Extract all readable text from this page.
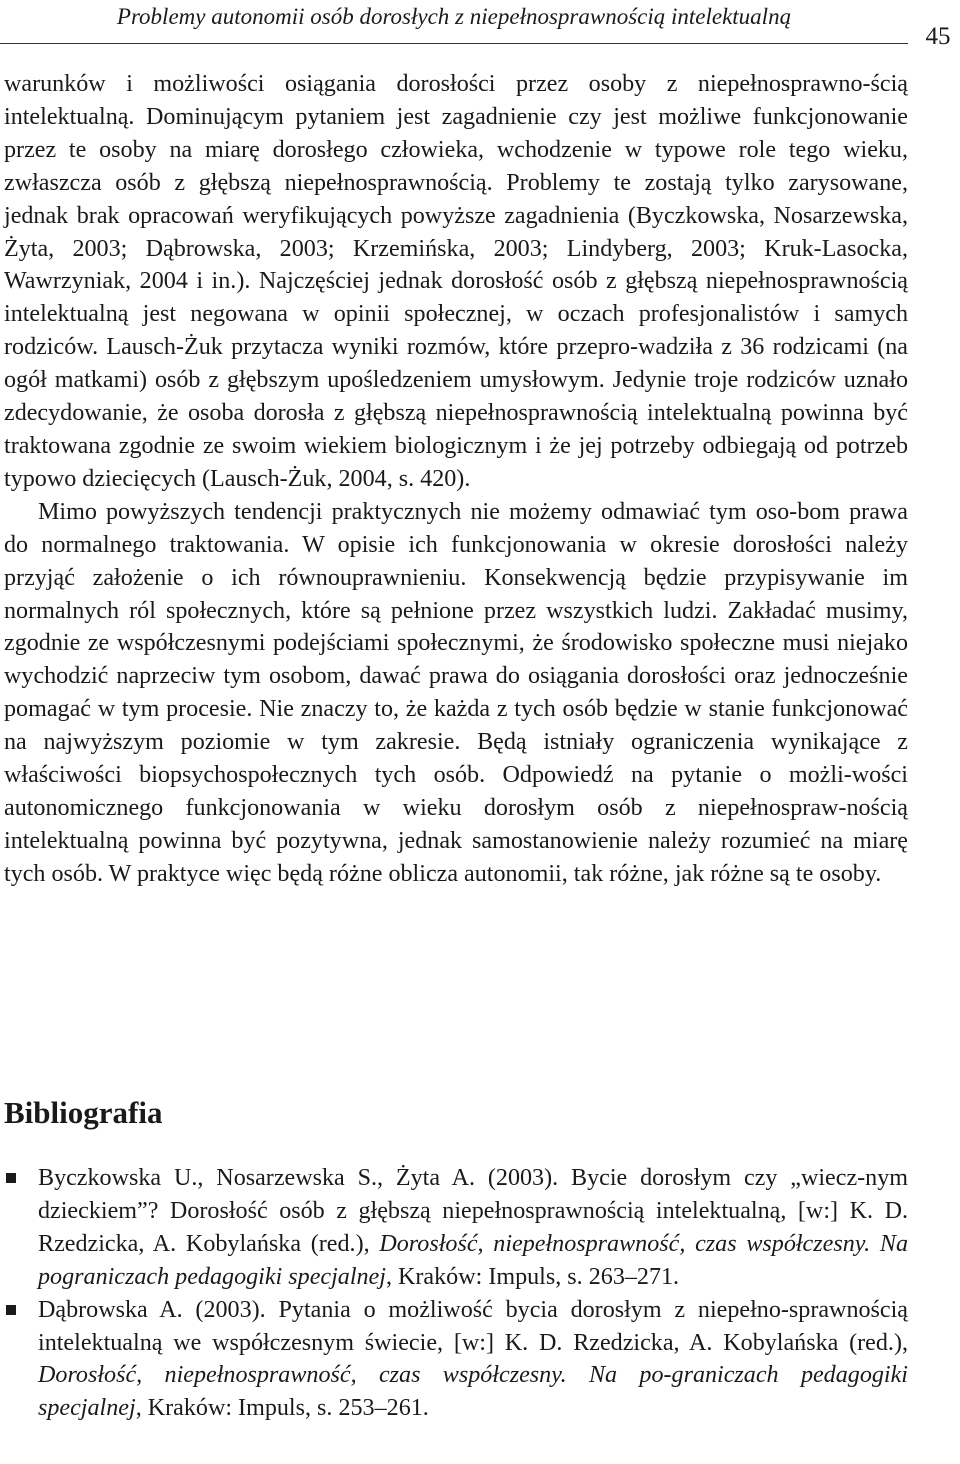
Problemy autonomii osób dorosłych z niepełnosprawnością intelektualną
45

warunków i możliwości osiągania dorosłości przez osoby z niepełnosprawno-ścią intelektualną. Dominującym pytaniem jest zagadnienie czy jest możliwe funkcjonowanie przez te osoby na miarę dorosłego człowieka, wchodzenie w typowe role tego wieku, zwłaszcza osób z głębszą niepełnosprawnością. Problemy te zostają tylko zarysowane, jednak brak opracowań weryfikujących powyższe zagadnienia (Byczkowska, Nosarzewska, Żyta, 2003; Dąbrowska, 2003; Krzemińska, 2003; Lindyberg, 2003; Kruk-Lasocka, Wawrzyniak, 2004 i in.). Najczęściej jednak dorosłość osób z głębszą niepełnosprawnością intelektualną jest negowana w opinii społecznej, w oczach profesjonalistów i samych rodziców. Lausch-Żuk przytacza wyniki rozmów, które przepro-wadziła z 36 rodzicami (na ogół matkami) osób z głębszym upośledzeniem umysłowym. Jedynie troje rodziców uznało zdecydowanie, że osoba dorosła z głębszą niepełnosprawnością intelektualną powinna być traktowana zgodnie ze swoim wiekiem biologicznym i że jej potrzeby odbiegają od potrzeb typowo dziecięcych (Lausch-Żuk, 2004, s. 420).

Mimo powyższych tendencji praktycznych nie możemy odmawiać tym oso-bom prawa do normalnego traktowania. W opisie ich funkcjonowania w okresie dorosłości należy przyjąć założenie o ich równouprawnieniu. Konsekwencją będzie przypisywanie im normalnych ról społecznych, które są pełnione przez wszystkich ludzi. Zakładać musimy, zgodnie ze współczesnymi podejściami społecznymi, że środowisko społeczne musi niejako wychodzić naprzeciw tym osobom, dawać prawa do osiągania dorosłości oraz jednocześnie pomagać w tym procesie. Nie znaczy to, że każda z tych osób będzie w stanie funkcjonować na najwyższym poziomie w tym zakresie. Będą istniały ograniczenia wynikające z właściwości biopsychospołecznych tych osób. Odpowiedź na pytanie o możli-wości autonomicznego funkcjonowania w wieku dorosłym osób z niepełnospraw-nością intelektualną powinna być pozytywna, jednak samostanowienie należy rozumieć na miarę tych osób. W praktyce więc będą różne oblicza autonomii, tak różne, jak różne są te osoby.

Bibliografia
Byczkowska U., Nosarzewska S., Żyta A. (2003). Bycie dorosłym czy „wiecz-nym dzieckiem”? Dorosłość osób z głębszą niepełnosprawnością intelektualną, [w:] K. D. Rzedzicka, A. Kobylańska (red.), Dorosłość, niepełnosprawność, czas współczesny. Na pograniczach pedagogiki specjalnej, Kraków: Impuls, s. 263–271.
Dąbrowska A. (2003). Pytania o możliwość bycia dorosłym z niepełno-sprawnością intelektualną we współczesnym świecie, [w:] K. D. Rzedzicka, A. Kobylańska (red.), Dorosłość, niepełnosprawność, czas współczesny. Na po-graniczach pedagogiki specjalnej, Kraków: Impuls, s. 253–261.
